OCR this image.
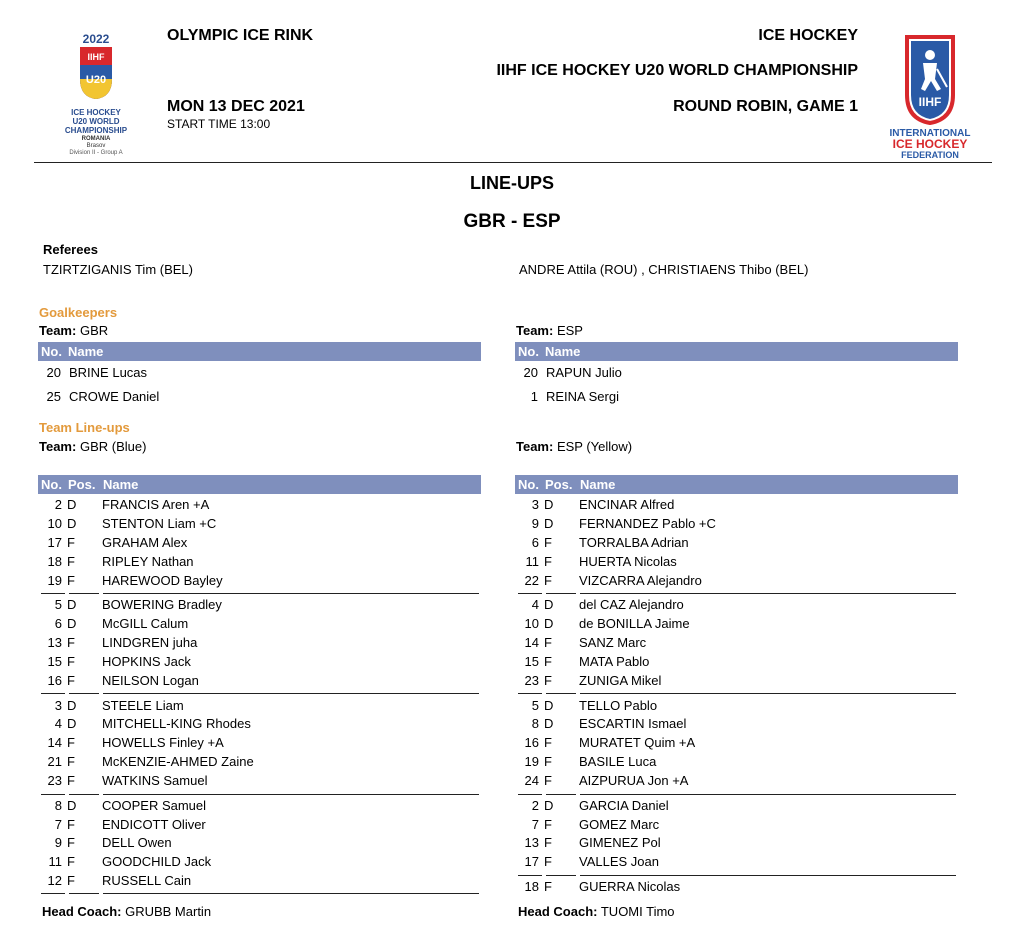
2022
IIHF
U20
ICE HOCKEY
U20 WORLD
CHAMPIONSHIP
ROMANIA
Brasov
Division II - Group A
OLYMPIC ICE RINK
MON 13 DEC 2021
START TIME 13:00
ICE HOCKEY
IIHF ICE HOCKEY U20 WORLD CHAMPIONSHIP
ROUND ROBIN, GAME 1	IIHF
INTERNATIONAL
ICE HOCKEY
FEDERATION
LINE-UPS
GBR - ESP
Referees
TZIRTZIGANIS Tim (BEL)	ANDRE Attila (ROU) , CHRISTIAENS Thibo (BEL)
Goalkeepers
Team: GBR	Team: ESP
No. Name	No. Name
20 BRINE Lucas
25 CROWE Daniel
20 RAPUN Julio
1 REINA Sergi
Team Line-ups
Team: GBR (Blue)	Team: ESP (Yellow)
No. Pos. Name	No. Pos. Name
2 D FRANCIS Aren +A
10 D STENTON Liam +C
17 F GRAHAM Alex
18 F RIPLEY Nathan
19 F HAREWOOD Bayley
5 D BOWERING Bradley
6 D McGILL Calum
13 F LINDGREN juha
15 F HOPKINS Jack
16 F NEILSON Logan
3 D STEELE Liam
4 D MITCHELL-KING Rhodes
14 F HOWELLS Finley +A
21 F McKENZIE-AHMED Zaine
23 F WATKINS Samuel
8 D COOPER Samuel
7 F ENDICOTT Oliver
9 F DELL Owen
11 F GOODCHILD Jack
12 F RUSSELL Cain
3 D ENCINAR Alfred
9 D FERNANDEZ Pablo +C
6 F TORRALBA Adrian
11 F HUERTA Nicolas
22 F VIZCARRA Alejandro
4 D del CAZ Alejandro
10 D de BONILLA Jaime
14 F SANZ Marc
15 F MATA Pablo
23 F ZUNIGA Mikel
5 D TELLO Pablo
8 D ESCARTIN Ismael
16 F MURATET Quim +A
19 F BASILE Luca
24 F AIZPURUA Jon +A
2 D GARCIA Daniel
7 F GOMEZ Marc
13 F GIMENEZ Pol
17 F VALLES Joan
18 F GUERRA Nicolas
Head Coach: GRUBB Martin	Head Coach: TUOMI Timo
